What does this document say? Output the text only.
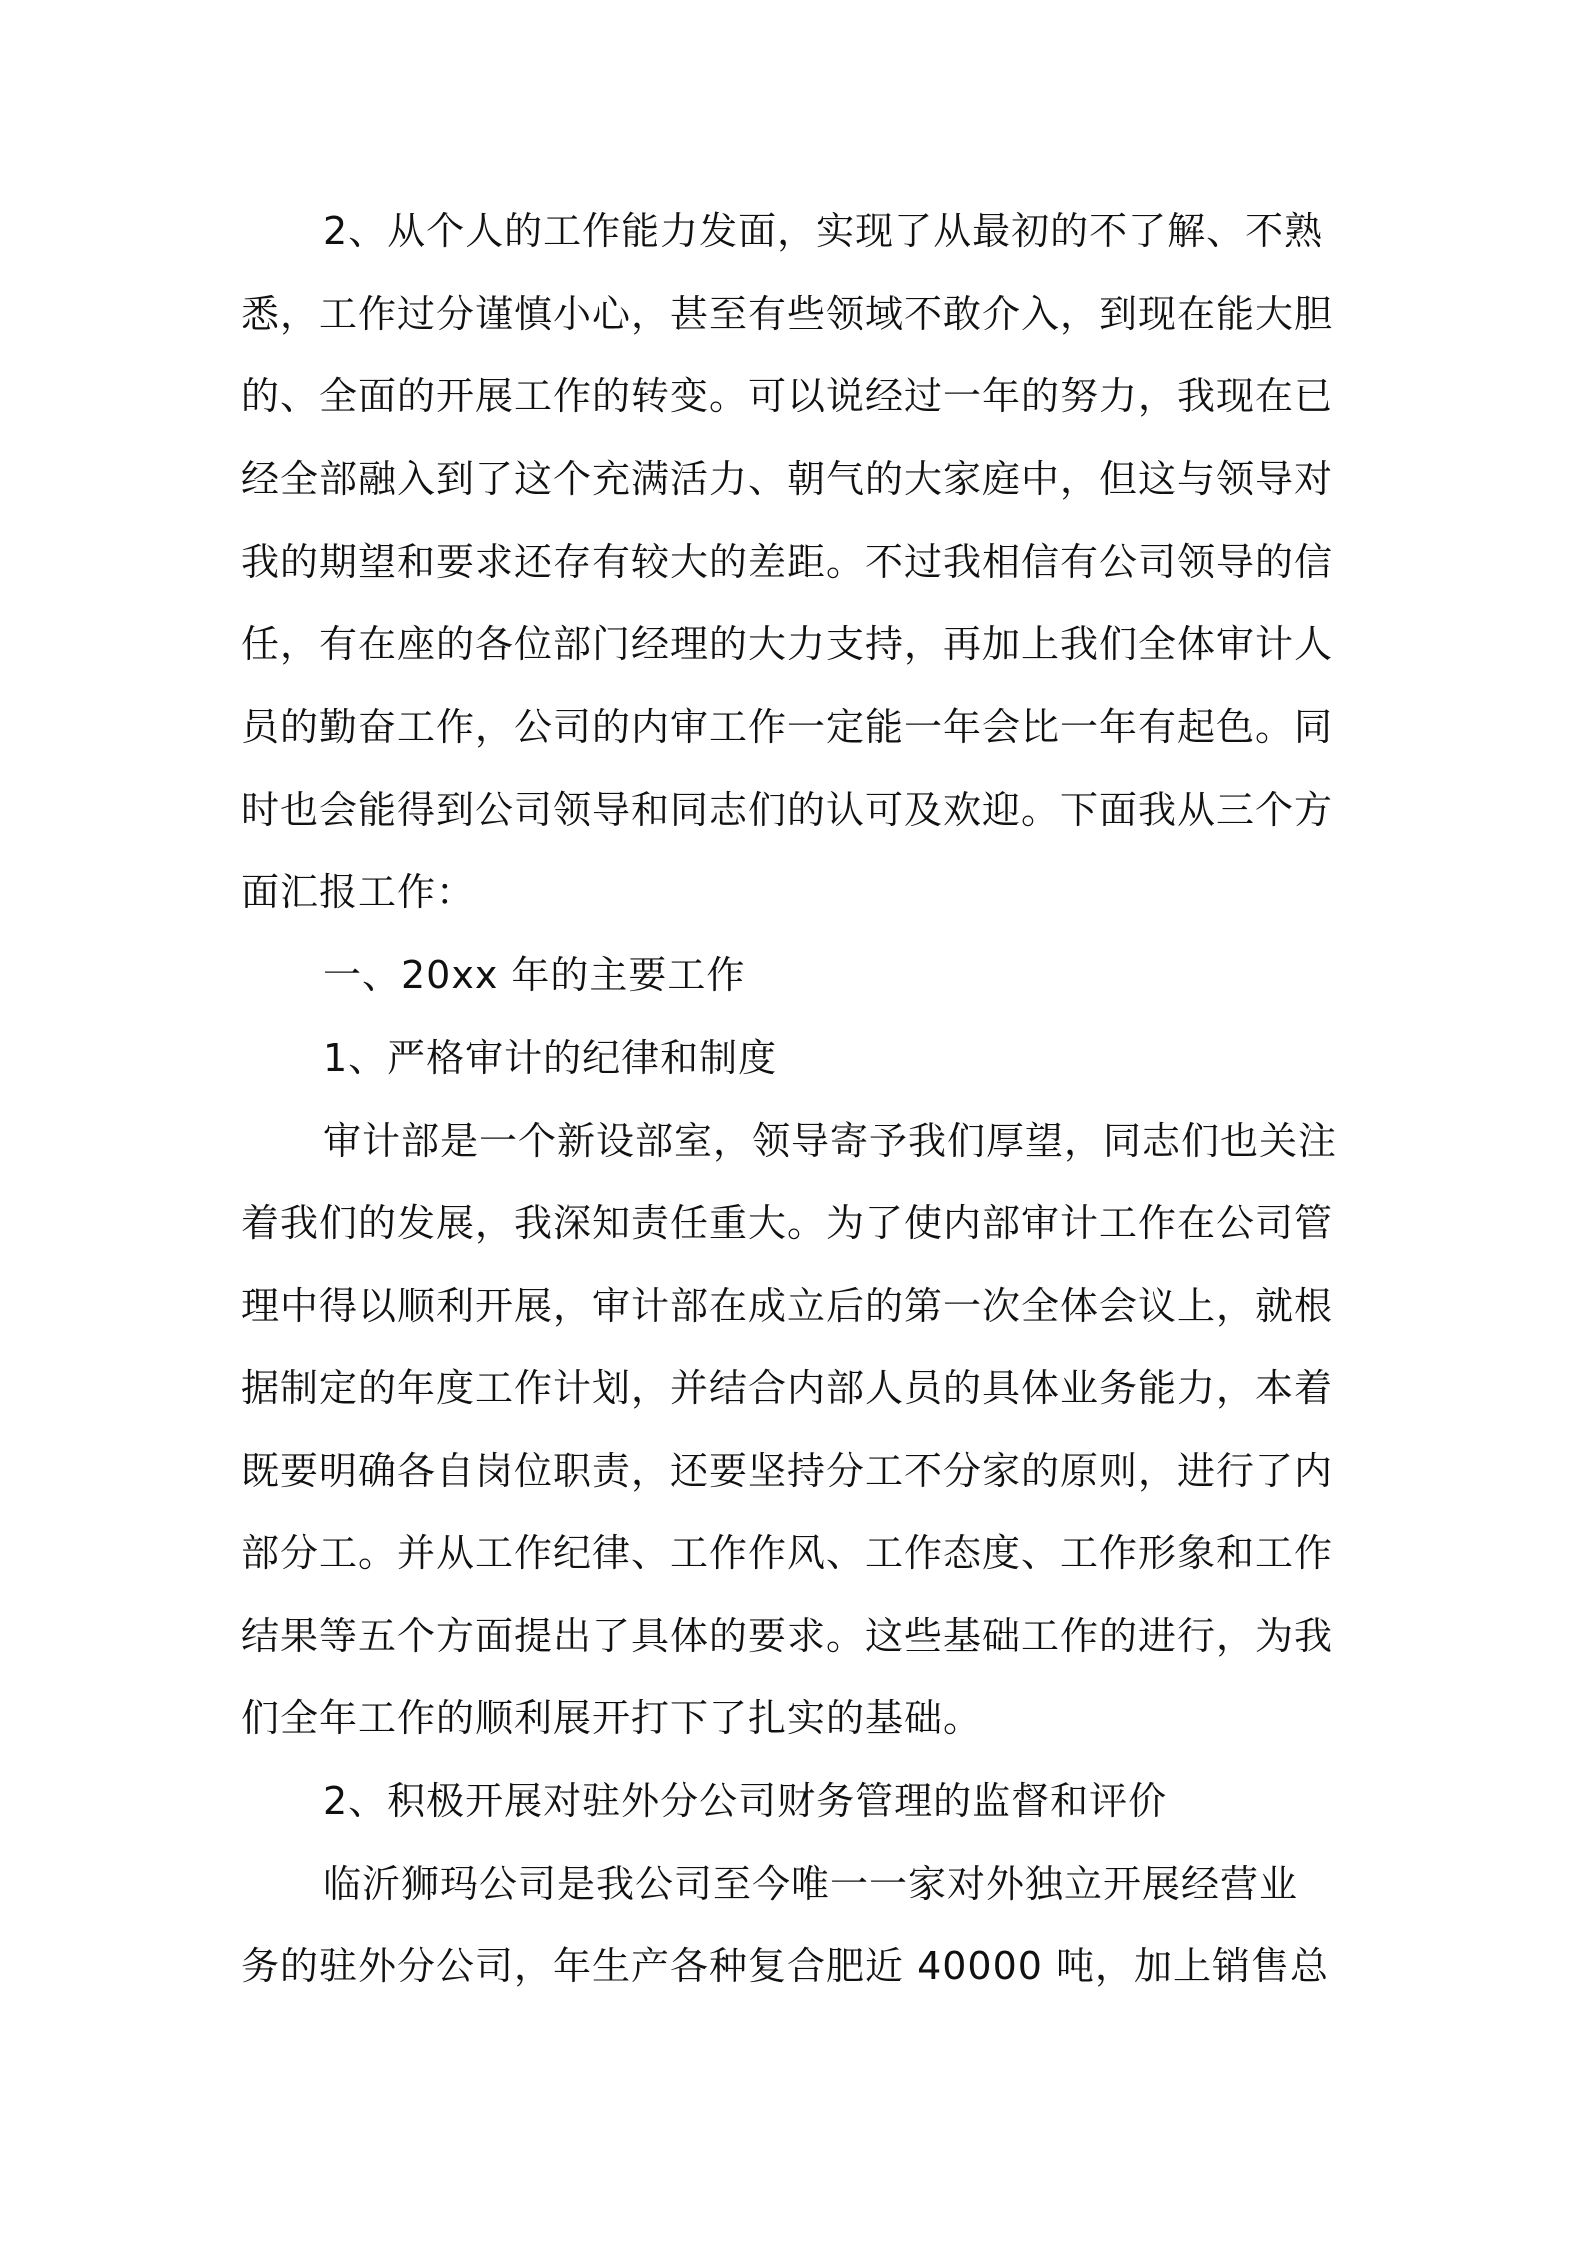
2、从个人的工作能力发面，实现了从最初的不了解、不熟
悉，工作过分谨慎小心，甚至有些领域不敢介入，到现在能大胆
的、全面的开展工作的转变。可以说经过一年的努力，我现在已
经全部融入到了这个充满活力、朝气的大家庭中，但这与领导对
我的期望和要求还存有较大的差距。不过我相信有公司领导的信
任，有在座的各位部门经理的大力支持，再加上我们全体审计人
员的勤奋工作，公司的内审工作一定能一年会比一年有起色。同
时也会能得到公司领导和同志们的认可及欢迎。下面我从三个方
面汇报工作：
一、20xx 年的主要工作
1、严格审计的纪律和制度
审计部是一个新设部室，领导寄予我们厚望，同志们也关注
着我们的发展，我深知责任重大。为了使内部审计工作在公司管
理中得以顺利开展，审计部在成立后的第一次全体会议上，就根
据制定的年度工作计划，并结合内部人员的具体业务能力，本着
既要明确各自岗位职责，还要坚持分工不分家的原则，进行了内
部分工。并从工作纪律、工作作风、工作态度、工作形象和工作
结果等五个方面提出了具体的要求。这些基础工作的进行，为我
们全年工作的顺利展开打下了扎实的基础。
2、积极开展对驻外分公司财务管理的监督和评价
临沂狮玛公司是我公司至今唯一一家对外独立开展经营业
务的驻外分公司，年生产各种复合肥近 40000 吨，加上销售总
